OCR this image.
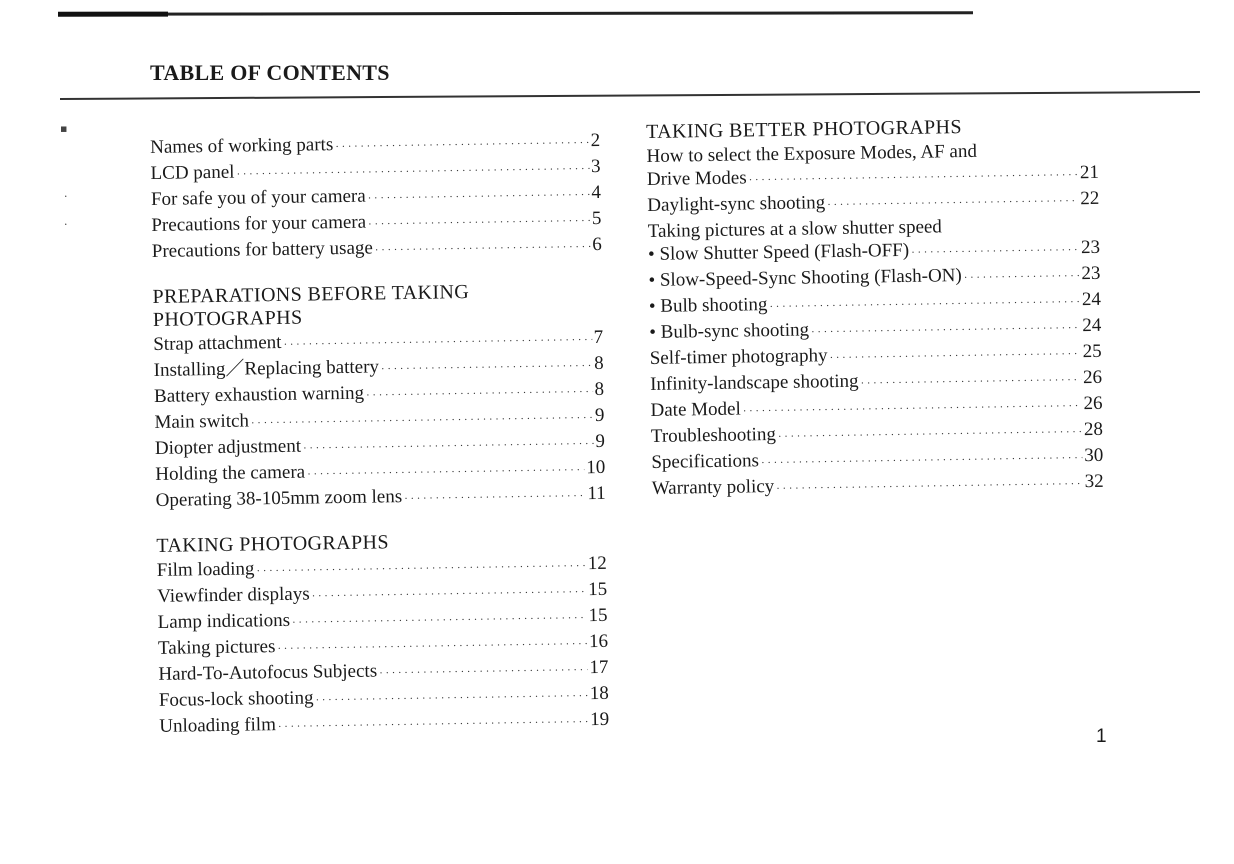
TABLE OF CONTENTS
▪
·
·
Names of working parts ·····	2
LCD panel ·····	3
For safe you of your camera ·····	4
Precautions for your camera ·····	5
Precautions for battery usage ·····	6
PREPARATIONS BEFORE TAKING PHOTOGRAPHS
Strap attachment ·····	7
Installing／Replacing battery ·····	8
Battery exhaustion warning ·····	8
Main switch ·····	9
Diopter adjustment ·····	9
Holding the camera ·····	10
Operating 38-105mm zoom lens ·····	11
TAKING PHOTOGRAPHS
Film loading ·····	12
Viewfinder displays ·····	15
Lamp indications ·····	15
Taking pictures ·····	16
Hard-To-Autofocus Subjects ·····	17
Focus-lock shooting ·····	18
Unloading film ·····	19
TAKING BETTER PHOTOGRAPHS
How to select the Exposure Modes, AF and
Drive Modes ·····	21
Daylight-sync shooting ·····	22
Taking pictures at a slow shutter speed
• Slow Shutter Speed (Flash-OFF) ·····	23
• Slow-Speed-Sync Shooting (Flash-ON) ·····	23
• Bulb shooting ·····	24
• Bulb-sync shooting ·····	24
Self-timer photography ·····	25
Infinity-landscape shooting ·····	26
Date Model ·····	26
Troubleshooting ·····	28
Specifications ·····	30
Warranty policy ·····	32
1
